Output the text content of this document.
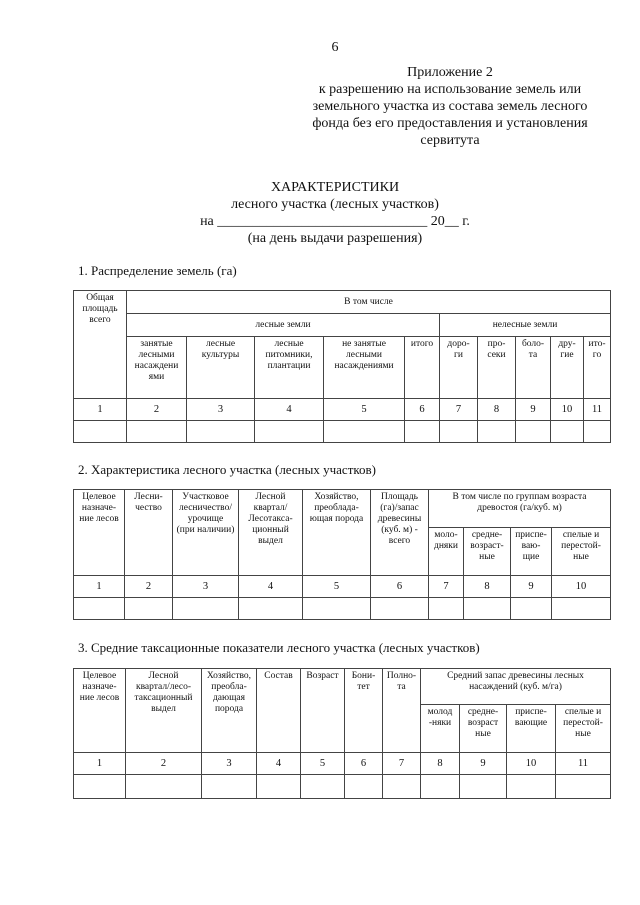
6
Приложение 2
к разрешению на использование земель или
земельного участка из состава земель лесного
фонда без его предоставления и установления
сервитута
ХАРАКТЕРИСТИКИ
лесного участка (лесных участков)
на ______________________________ 20__ г.
(на день выдачи разрешения)
1. Распределение земель (га)
Общая
площадь
всего	В том числе									
	лесные земли					нелесные земли				
	занятые
лесными
насаждени
ями	лесные
культуры	лесные
питомники,
плантации	не занятые
лесными
насаждениями	итого	доро-
ги	про-
секи	боло-
та	дру-
гие	ито-
го
1	2	3	4	5	6	7	8	9	10	11

2. Характеристика лесного участка (лесных участков)
Целевое
назначе-
ние лесов	Лесни-
чество	Участковое
лесничество/
урочище
(при наличии)	Лесной
квартал/
Лесотакса-
ционный
выдел	Хозяйство,
преоблада-
ющая порода	Площадь
(га)/запас
древесины
(куб. м) -
всего	В том числе по группам возраста
древостоя (га/куб. м)			
						моло-
дняки	средне-
возраст-
ные	приспе-
ваю-
щие	спелые и
перестой-
ные
1	2	3	4	5	6	7	8	9	10

3. Средние таксационные показатели лесного участка (лесных участков)
Целевое
назначе-
ние лесов	Лесной
квартал/лесо-
таксационный
выдел	Хозяйство,
преобла-
дающая
порода	Состав	Возраст	Бони-
тет	Полно-
та	Средний запас древесины лесных
насаждений (куб. м/га)			
							молод
-няки	средне-
возраст
ные	приспе-
вающие	спелые и
перестой-
ные
1	2	3	4	5	6	7	8	9	10	11
